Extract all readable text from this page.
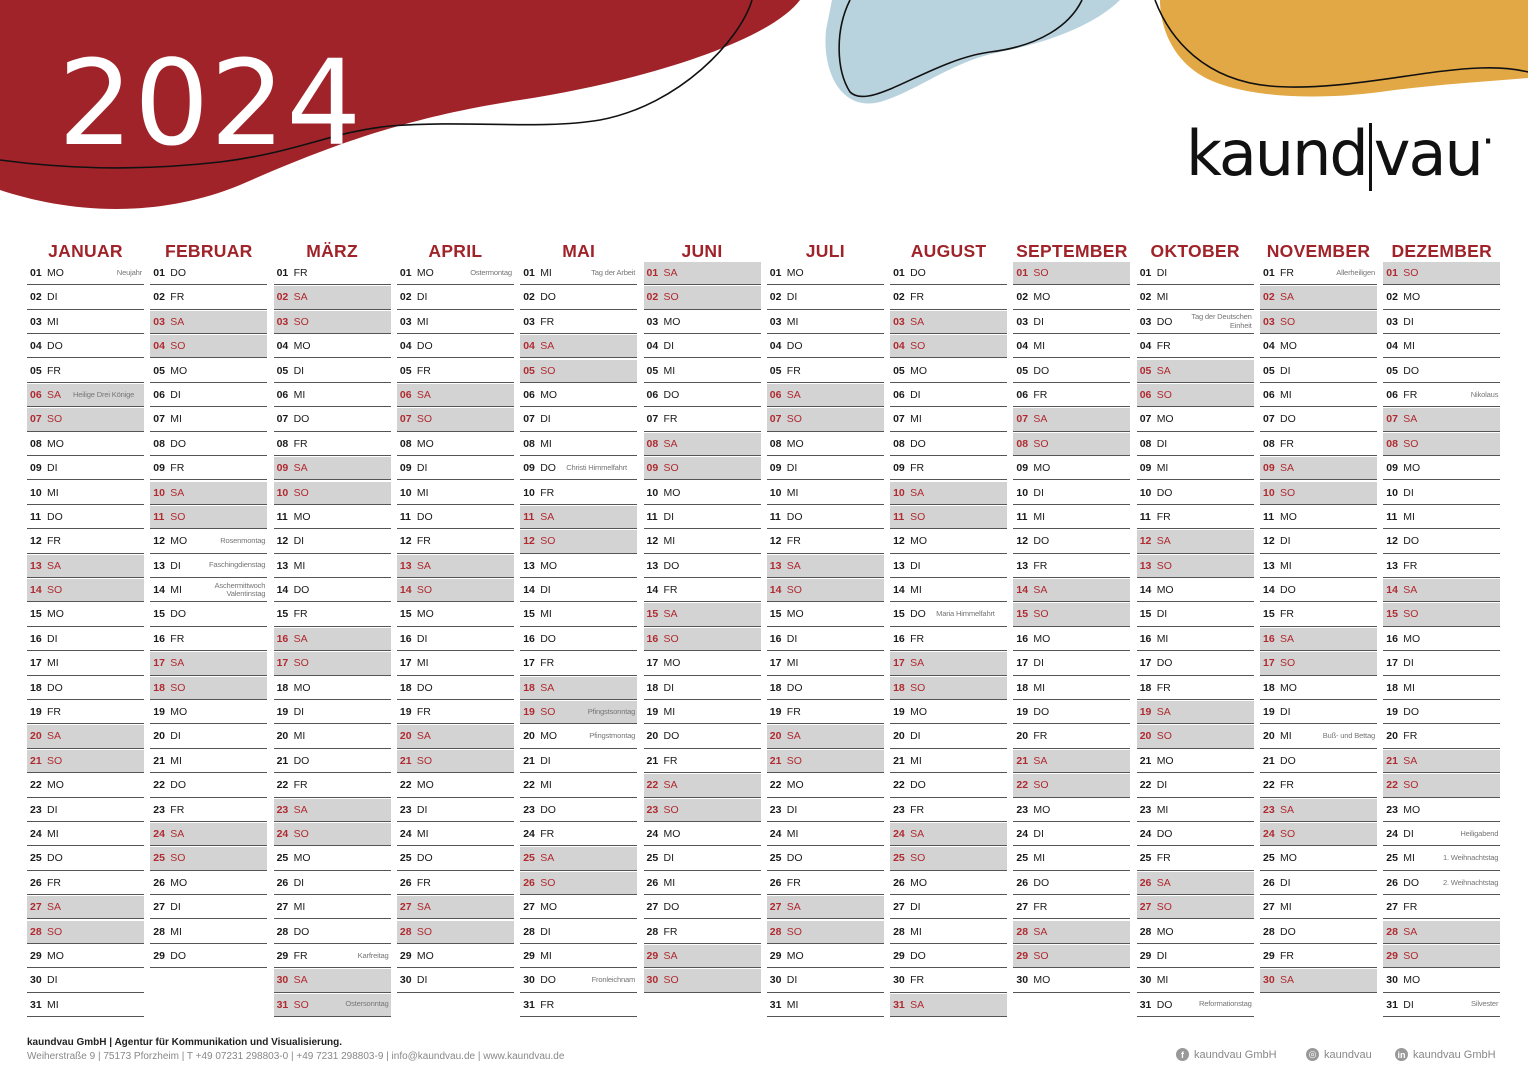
2024	kaund vau·
JANUAR
01 MO	Neujahr
02 DI
03 MI
04 DO
05 FR
06 SA Heilige Drei Könige
07 SO
08 MO
09 DI
10 MI
11 DO
12 FR
13 SA
14 SO
15 MO
16 DI
17 MI
18 DO
19 FR
20 SA
21 SO
22 MO
23 DI
24 MI
25 DO
26 FR
27 SA
28 SO
29 MO
30 DI
31 MI
FEBRUAR
01 DO
02 FR
03 SA
04 SO
05 MO
06 DI
07 MI
08 DO
09 FR
10 SA
11 SO
12 MO	Rosenmontag
13 DI	Faschingdienstag
14 MI	Aschermittwoch Valentinstag
15 DO
16 FR
17 SA
18 SO
19 MO
20 DI
21 MI
22 DO
23 FR
24 SA
25 SO
26 MO
27 DI
28 MI
29 DO
MÄRZ
01 FR
02 SA
03 SO
04 MO
05 DI
06 MI
07 DO
08 FR
09 SA
10 SO
11 MO
12 DI
13 MI
14 DO
15 FR
16 SA
17 SO
18 MO
19 DI
20 MI
21 DO
22 FR
23 SA
24 SO
25 MO
26 DI
27 MI
28 DO
29 FR	Karfreitag
30 SA
31 SO	Ostersonntag
APRIL
01 MO	Ostermontag
02 DI
03 MI
04 DO
05 FR
06 SA
07 SO
08 MO
09 DI
10 MI
11 DO
12 FR
13 SA
14 SO
15 MO
16 DI
17 MI
18 DO
19 FR
20 SA
21 SO
22 MO
23 DI
24 MI
25 DO
26 FR
27 SA
28 SO
29 MO
30 DI
MAI
01 MI	Tag der Arbeit
02 DO
03 FR
04 SA
05 SO
06 MO
07 DI
08 MI
09 DO Christi Himmelfahrt
10 FR
11 SA
12 SO
13 MO
14 DI
15 MI
16 DO
17 FR
18 SA
19 SO	Pfingstsonntag
20 MO	Pfingstmontag
21 DI
22 MI
23 DO
24 FR
25 SA
26 SO
27 MO
28 DI
29 MI
30 DO	Fronleichnam
31 FR
JUNI
01 SA
02 SO
03 MO
04 DI
05 MI
06 DO
07 FR
08 SA
09 SO
10 MO
11 DI
12 MI
13 DO
14 FR
15 SA
16 SO
17 MO
18 DI
19 MI
20 DO
21 FR
22 SA
23 SO
24 MO
25 DI
26 MI
27 DO
28 FR
29 SA
30 SO
JULI
01 MO
02 DI
03 MI
04 DO
05 FR
06 SA
07 SO
08 MO
09 DI
10 MI
11 DO
12 FR
13 SA
14 SO
15 MO
16 DI
17 MI
18 DO
19 FR
20 SA
21 SO
22 MO
23 DI
24 MI
25 DO
26 FR
27 SA
28 SO
29 MO
30 DI
31 MI
AUGUST
01 DO
02 FR
03 SA
04 SO
05 MO
06 DI
07 MI
08 DO
09 FR
10 SA
11 SO
12 MO
13 DI
14 MI
15 DO Maria Himmelfahrt
16 FR
17 SA
18 SO
19 MO
20 DI
21 MI
22 DO
23 FR
24 SA
25 SO
26 MO
27 DI
28 MI
29 DO
30 FR
31 SA
SEPTEMBER
01 SO
02 MO
03 DI
04 MI
05 DO
06 FR
07 SA
08 SO
09 MO
10 DI
11 MI
12 DO
13 FR
14 SA
15 SO
16 MO
17 DI
18 MI
19 DO
20 FR
21 SA
22 SO
23 MO
24 DI
25 MI
26 DO
27 FR
28 SA
29 SO
30 MO
OKTOBER
01 DI
02 MI
03 DO Tag der Deutschen Einheit
04 FR
05 SA
06 SO
07 MO
08 DI
09 MI
10 DO
11 FR
12 SA
13 SO
14 MO
15 DI
16 MI
17 DO
18 FR
19 SA
20 SO
21 MO
22 DI
23 MI
24 DO
25 FR
26 SA
27 SO
28 MO
29 DI
30 MI
31 DO	Reformationstag
NOVEMBER
01 FR	Allerheiligen
02 SA
03 SO
04 MO
05 DI
06 MI
07 DO
08 FR
09 SA
10 SO
11 MO
12 DI
13 MI
14 DO
15 FR
16 SA
17 SO
18 MO
19 DI
20 MI	Buß- und Bettag
21 DO
22 FR
23 SA
24 SO
25 MO
26 DI
27 MI
28 DO
29 FR
30 SA
DEZEMBER
01 SO
02 MO
03 DI
04 MI
05 DO
06 FR	Nikolaus
07 SA
08 SO
09 MO
10 DI
11 MI
12 DO
13 FR
14 SA
15 SO
16 MO
17 DI
18 MI
19 DO
20 FR
21 SA
22 SO
23 MO
24 DI	Heiligabend
25 MI	1. Weihnachtstag
26 DO	2. Weihnachtstag
27 FR
28 SA
29 SO
30 MO
31 DI	Silvester
kaundvau GmbH | Agentur für Kommunikation und Visualisierung.
Weiherstraße 9 | 75173 Pforzheim | T +49 07231 298803-0 | +49 7231 298803-9 | info@kaundvau.de | www.kaundvau.de	f kaundvau GmbH	◎ kaundvau	in kaundvau GmbH
